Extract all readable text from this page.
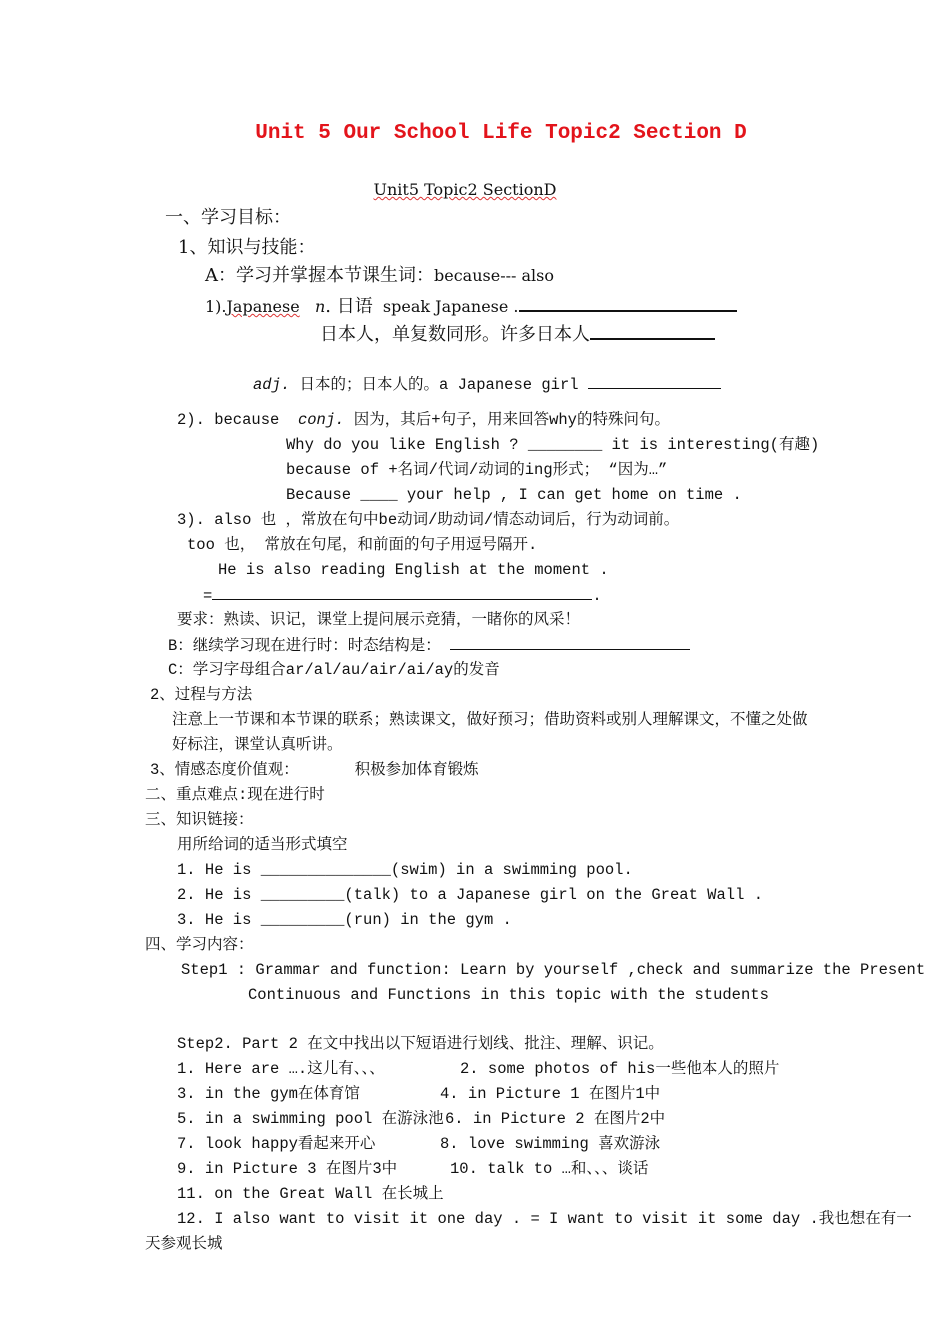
Unit 5 Our School Life Topic2 Section D
Unit5 Topic2 SectionD
一、学习目标：
1、知识与技能：
A：学习并掌握本节课生词：because--- also
1).Japanese n. 日语 speak Japanese .
日本人，单复数同形。许多日本人
adj. 日本的；日本人的。a Japanese girl
2). because conj. 因为，其后+句子，用来回答why的特殊问句。
Why do you like English ? ________ it is interesting(有趣)
because of +名词/代词/动词的ing形式； “因为…”
Because ____ your help , I can get home on time .
3). also 也 ，常放在句中be动词/助动词/情态动词后，行为动词前。
too 也， 常放在句尾，和前面的句子用逗号隔开.
He is also reading English at the moment .
=	.
要求：熟读、识记，课堂上提问展示竞猜，一睹你的风采！
B：继续学习现在进行时：时态结构是：
C：学习字母组合ar/al/au/air/ai/ay的发音
2、过程与方法
注意上一节课和本节课的联系；熟读课文，做好预习；借助资料或别人理解课文，不懂之处做
好标注，课堂认真听讲。
3、情感态度价值观：	积极参加体育锻炼
二、重点难点:现在进行时
三、知识链接：
用所给词的适当形式填空
1. He is ______________(swim) in a swimming pool.
2. He is _________(talk) to a Japanese girl on the Great Wall .
3. He is _________(run) in the gym .
四、学习内容：
Step1 : Grammar and function: Learn by yourself ,check and summarize the Present
Continuous and Functions in this topic with the students
Step2. Part 2 在文中找出以下短语进行划线、批注、理解、识记。
1. Here are ….这儿有、、、	2. some photos of his一些他本人的照片
3. in the gym在体育馆	4. in Picture 1 在图片1中
5. in a swimming pool 在游泳池 6. in Picture 2 在图片2中
7. look happy看起来开心	8. love swimming 喜欢游泳
9. in Picture 3 在图片3中	10. talk to …和、、、谈话
11. on the Great Wall 在长城上
12. I also want to visit it one day . = I want to visit it some day .我也想在有一
天参观长城
